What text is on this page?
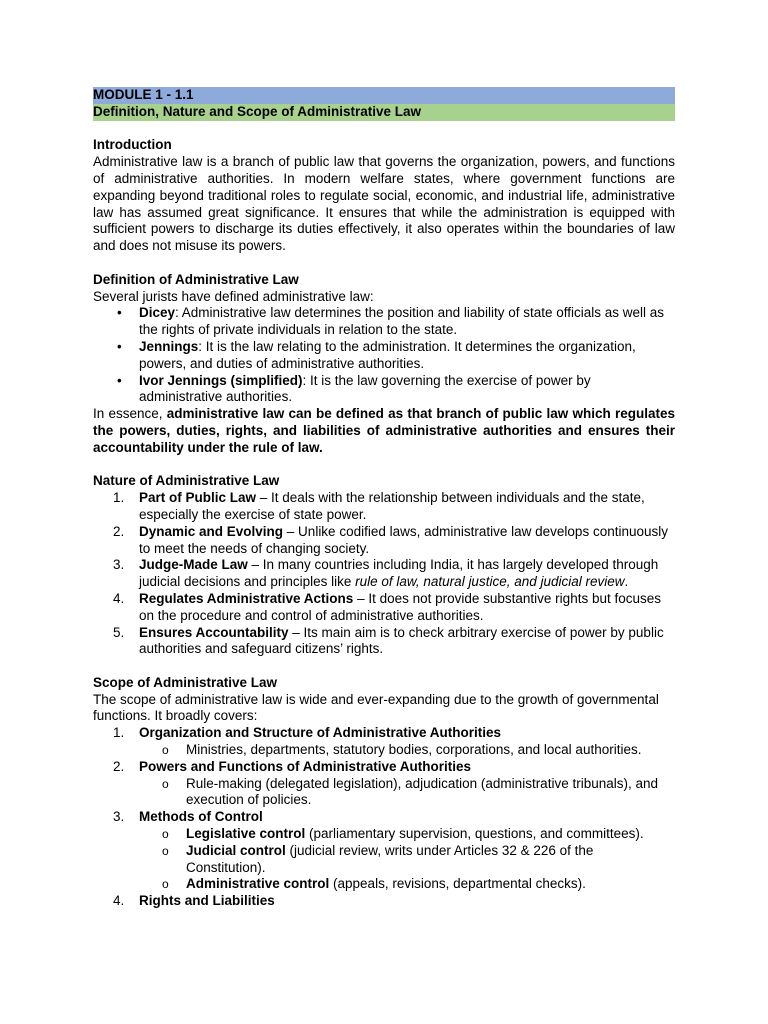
MODULE 1 - 1.1
Definition, Nature and Scope of Administrative Law

Introduction

Administrative law is a branch of public law that governs the organization, powers, and functions of administrative authorities. In modern welfare states, where government functions are expanding beyond traditional roles to regulate social, economic, and industrial life, administrative law has assumed great significance. It ensures that while the administration is equipped with sufficient powers to discharge its duties effectively, it also operates within the boundaries of law and does not misuse its powers.

Definition of Administrative Law

Several jurists have defined administrative law:

• Dicey: Administrative law determines the position and liability of state officials as well as the rights of private individuals in relation to the state.
• Jennings: It is the law relating to the administration. It determines the organization, powers, and duties of administrative authorities.
• Ivor Jennings (simplified): It is the law governing the exercise of power by administrative authorities.

In essence, administrative law can be defined as that branch of public law which regulates the powers, duties, rights, and liabilities of administrative authorities and ensures their accountability under the rule of law.

Nature of Administrative Law

1. Part of Public Law – It deals with the relationship between individuals and the state, especially the exercise of state power.
2. Dynamic and Evolving – Unlike codified laws, administrative law develops continuously to meet the needs of changing society.
3. Judge-Made Law – In many countries including India, it has largely developed through judicial decisions and principles like rule of law, natural justice, and judicial review.
4. Regulates Administrative Actions – It does not provide substantive rights but focuses on the procedure and control of administrative authorities.
5. Ensures Accountability – Its main aim is to check arbitrary exercise of power by public authorities and safeguard citizens’ rights.

Scope of Administrative Law

The scope of administrative law is wide and ever-expanding due to the growth of governmental functions. It broadly covers:

1. Organization and Structure of Administrative Authorities
o Ministries, departments, statutory bodies, corporations, and local authorities.
2. Powers and Functions of Administrative Authorities
o Rule-making (delegated legislation), adjudication (administrative tribunals), and execution of policies.
3. Methods of Control
o Legislative control (parliamentary supervision, questions, and committees).
o Judicial control (judicial review, writs under Articles 32 & 226 of the Constitution).
o Administrative control (appeals, revisions, departmental checks).
4. Rights and Liabilities
